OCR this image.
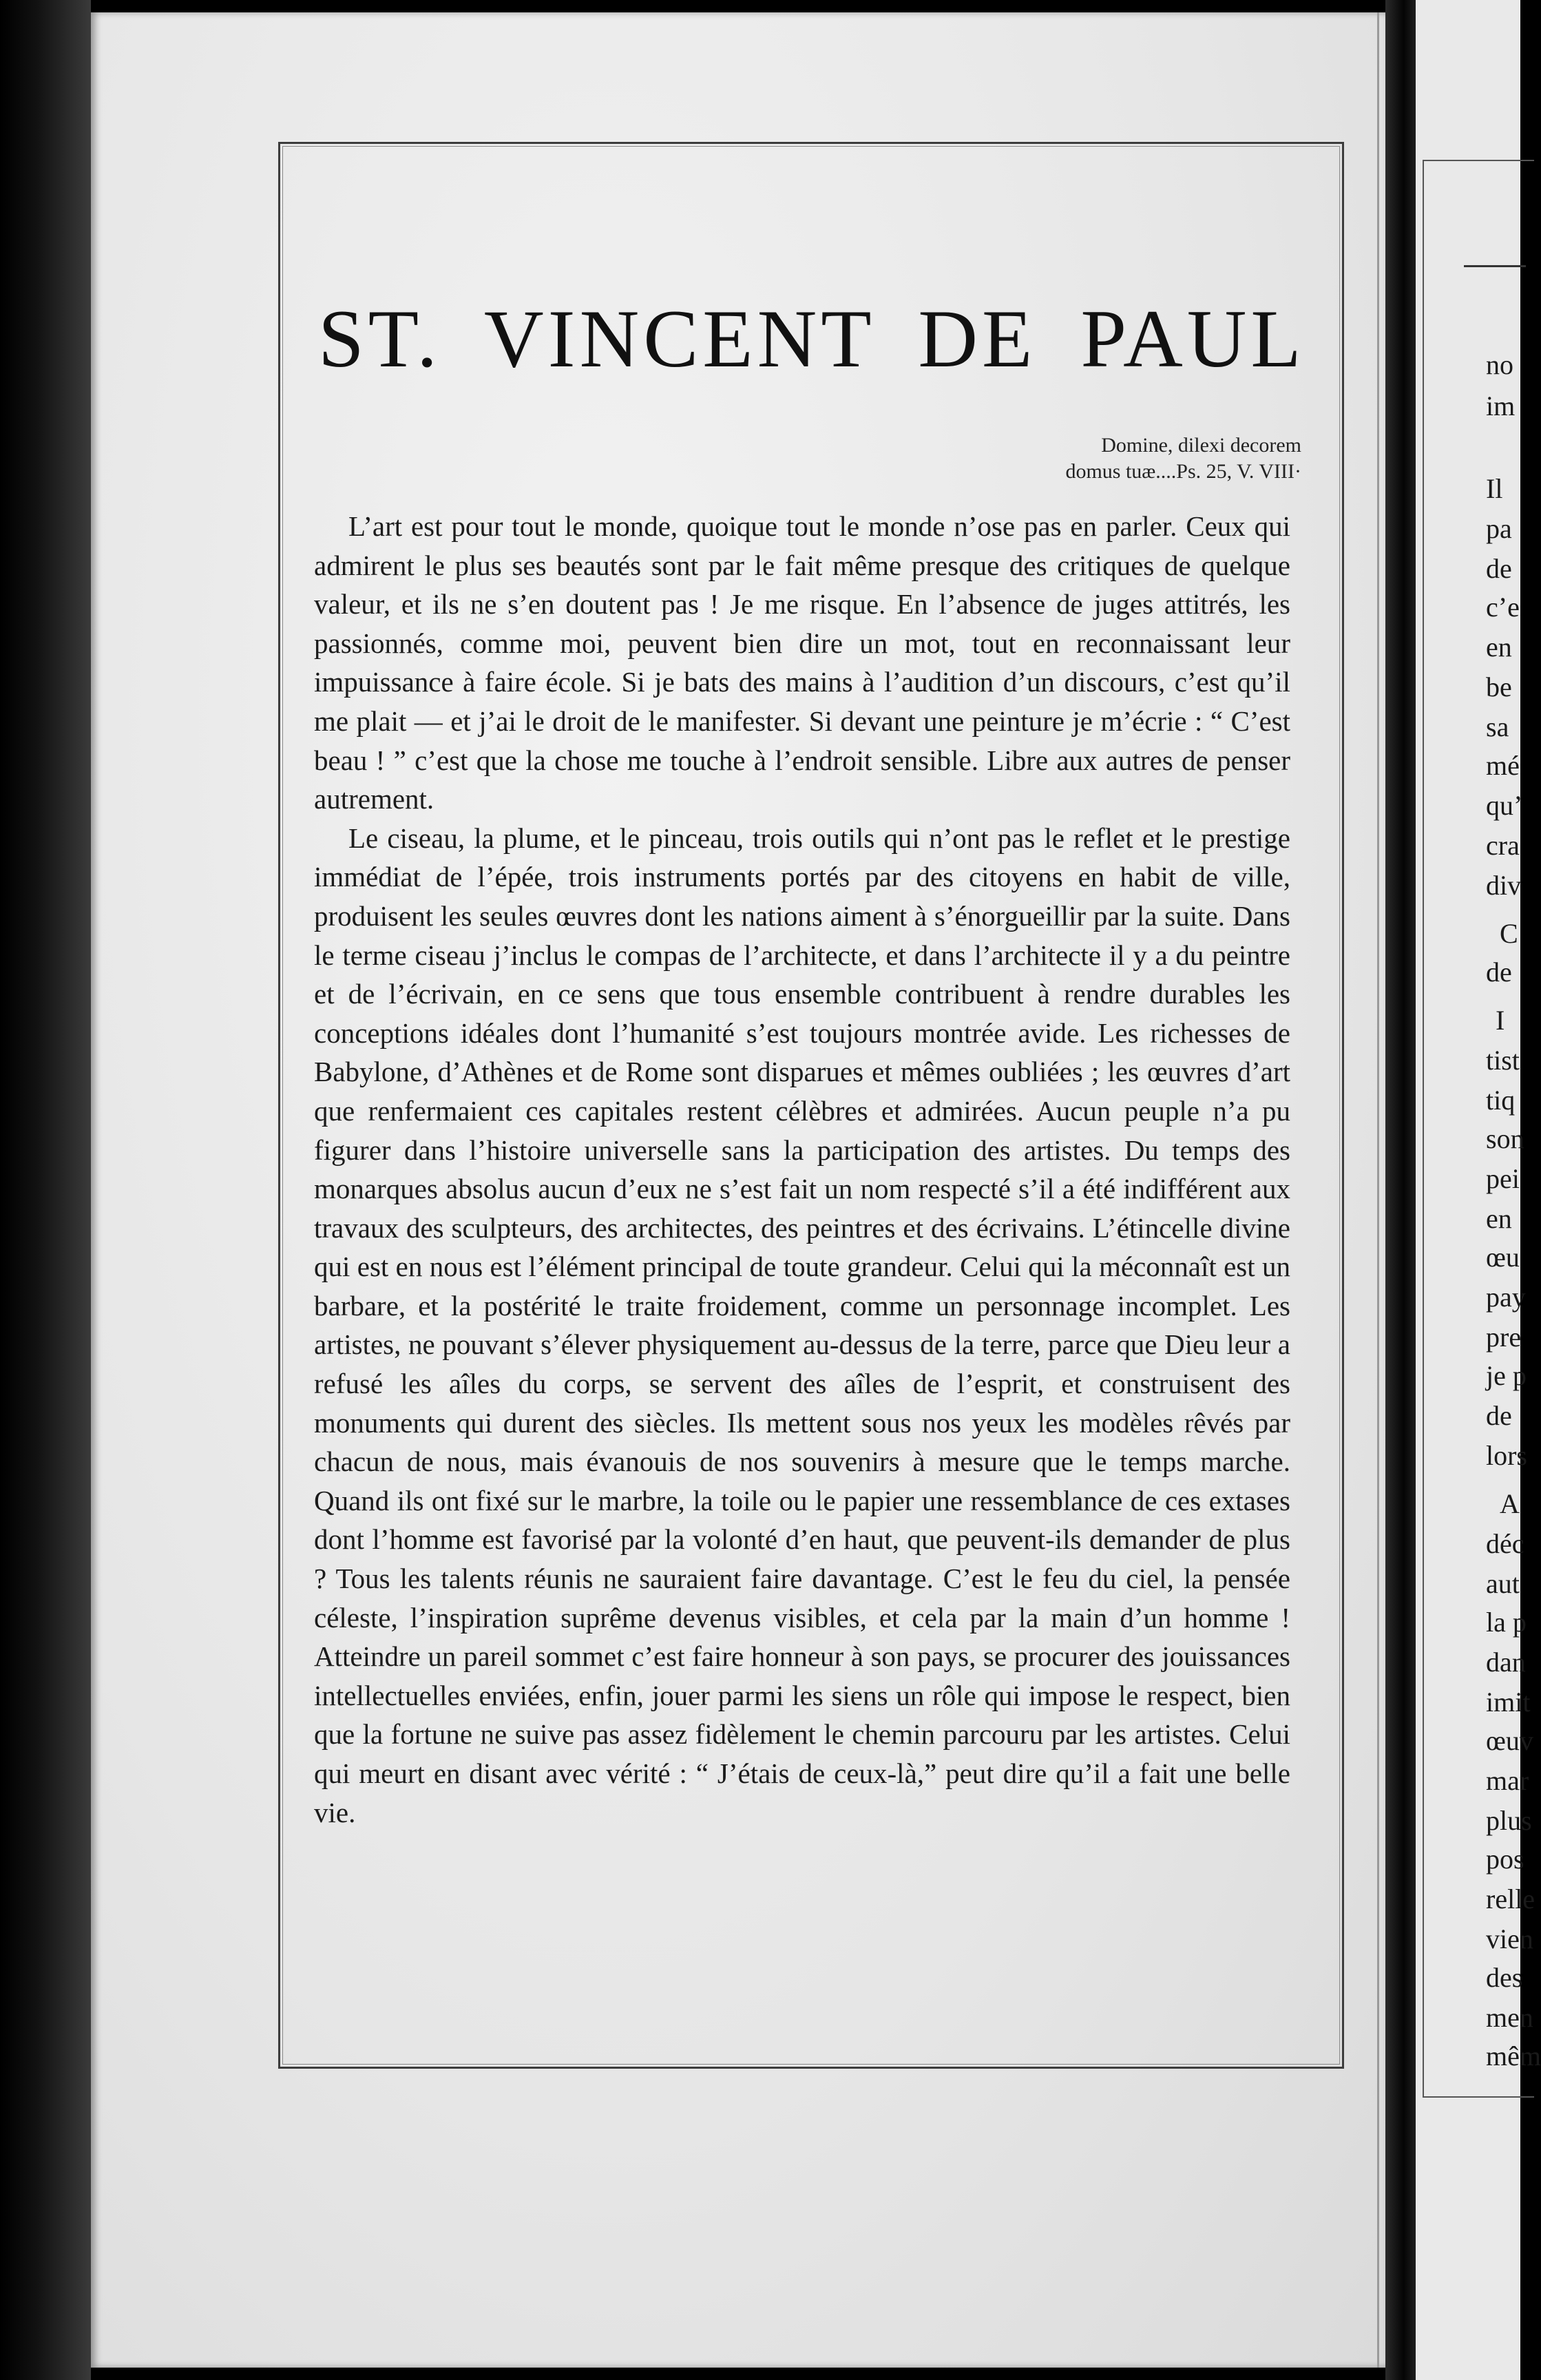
ST. VINCENT DE PAUL
Domine, dilexi decorem
domus tuæ....Ps. 25, V. VIII·

L’art est pour tout le monde, quoique tout le monde n’ose pas en parler. Ceux qui admirent le plus ses beautés sont par le fait même presque des critiques de quelque valeur, et ils ne s’en doutent pas ! Je me risque. En l’absence de juges attitrés, les passionnés, comme moi, peuvent bien dire un mot, tout en reconnaissant leur impuissance à faire école. Si je bats des mains à l’audition d’un discours, c’est qu’il me plait — et j’ai le droit de le manifester. Si devant une peinture je m’écrie : “ C’est beau ! ” c’est que la chose me touche à l’endroit sensible. Libre aux autres de penser autrement.

Le ciseau, la plume, et le pinceau, trois outils qui n’ont pas le reflet et le prestige immédiat de l’épée, trois instruments portés par des citoyens en habit de ville, produisent les seules œuvres dont les nations aiment à s’énorgueillir par la suite. Dans le terme ciseau j’inclus le compas de l’architecte, et dans l’architecte il y a du peintre et de l’écrivain, en ce sens que tous ensemble contribuent à rendre durables les conceptions idéales dont l’humanité s’est toujours montrée avide. Les richesses de Babylone, d’Athènes et de Rome sont disparues et mêmes oubliées ; les œuvres d’art que renfermaient ces capitales restent célèbres et admirées. Aucun peuple n’a pu figurer dans l’histoire universelle sans la participation des artistes. Du temps des monarques absolus aucun d’eux ne s’est fait un nom respecté s’il a été indifférent aux travaux des sculpteurs, des architectes, des peintres et des écrivains. L’étincelle divine qui est en nous est l’élément principal de toute grandeur. Celui qui la méconnaît est un barbare, et la postérité le traite froidement, comme un personnage incomplet. Les artistes, ne pouvant s’élever physiquement au-dessus de la terre, parce que Dieu leur a refusé les aîles du corps, se servent des aîles de l’esprit, et construisent des monuments qui durent des siècles. Ils mettent sous nos yeux les modèles rêvés par chacun de nous, mais évanouis de nos souvenirs à mesure que le temps marche. Quand ils ont fixé sur le marbre, la toile ou le papier une ressemblance de ces extases dont l’homme est favorisé par la volonté d’en haut, que peuvent-ils demander de plus ? Tous les talents réunis ne sauraient faire davantage. C’est le feu du ciel, la pensée céleste, l’inspiration suprême devenus visibles, et cela par la main d’un homme ! Atteindre un pareil sommet c’est faire honneur à son pays, se procurer des jouissances intellectuelles enviées, enfin, jouer parmi les siens un rôle qui impose le respect, bien que la fortune ne suive pas assez fidèlement le chemin parcouru par les artistes. Celui qui meurt en disant avec vérité : “ J’étais de ceux-là,” peut dire qu’il a fait une belle vie.

no
im
Il
pa
de
c’e
en
be
sa
mé
qu’
cra
div
C
de
I
tist
tiq
son
pei
en
œu
pay
pre
je p
de
lors
A
déc
aut
la p
dan
imit
œuv
mar
plus
pos
relle
vien
des
men
mêm
